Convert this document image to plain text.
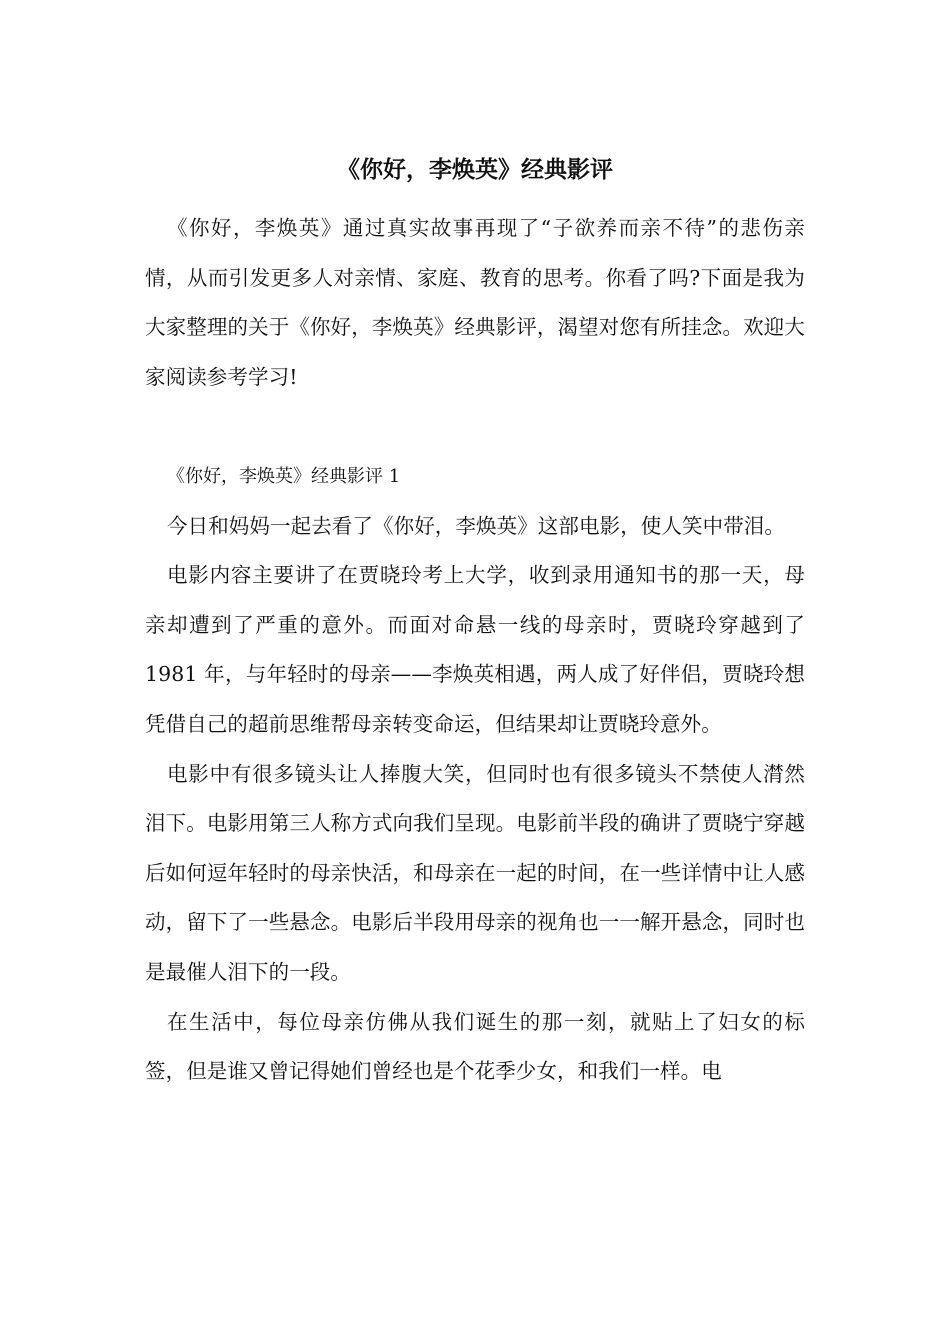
《你好，李焕英》经典影评

《你好，李焕英》通过真实故事再现了“子欲养而亲不待”的悲伤亲情，从而引发更多人对亲情、家庭、教育的思考。你看了吗?下面是我为大家整理的关于《你好，李焕英》经典影评，渴望对您有所挂念。欢迎大家阅读参考学习!

《你好，李焕英》经典影评 1

今日和妈妈一起去看了《你好，李焕英》这部电影，使人笑中带泪。

电影内容主要讲了在贾晓玲考上大学，收到录用通知书的那一天，母亲却遭到了严重的意外。而面对命悬一线的母亲时，贾晓玲穿越到了 1981 年，与年轻时的母亲——李焕英相遇，两人成了好伴侣，贾晓玲想凭借自己的超前思维帮母亲转变命运，但结果却让贾晓玲意外。

电影中有很多镜头让人捧腹大笑，但同时也有很多镜头不禁使人潸然泪下。电影用第三人称方式向我们呈现。电影前半段的确讲了贾晓宁穿越后如何逗年轻时的母亲快活，和母亲在一起的时间，在一些详情中让人感动，留下了一些悬念。电影后半段用母亲的视角也一一解开悬念，同时也是最催人泪下的一段。

在生活中，每位母亲仿佛从我们诞生的那一刻，就贴上了妇女的标签，但是谁又曾记得她们曾经也是个花季少女，和我们一样。电
